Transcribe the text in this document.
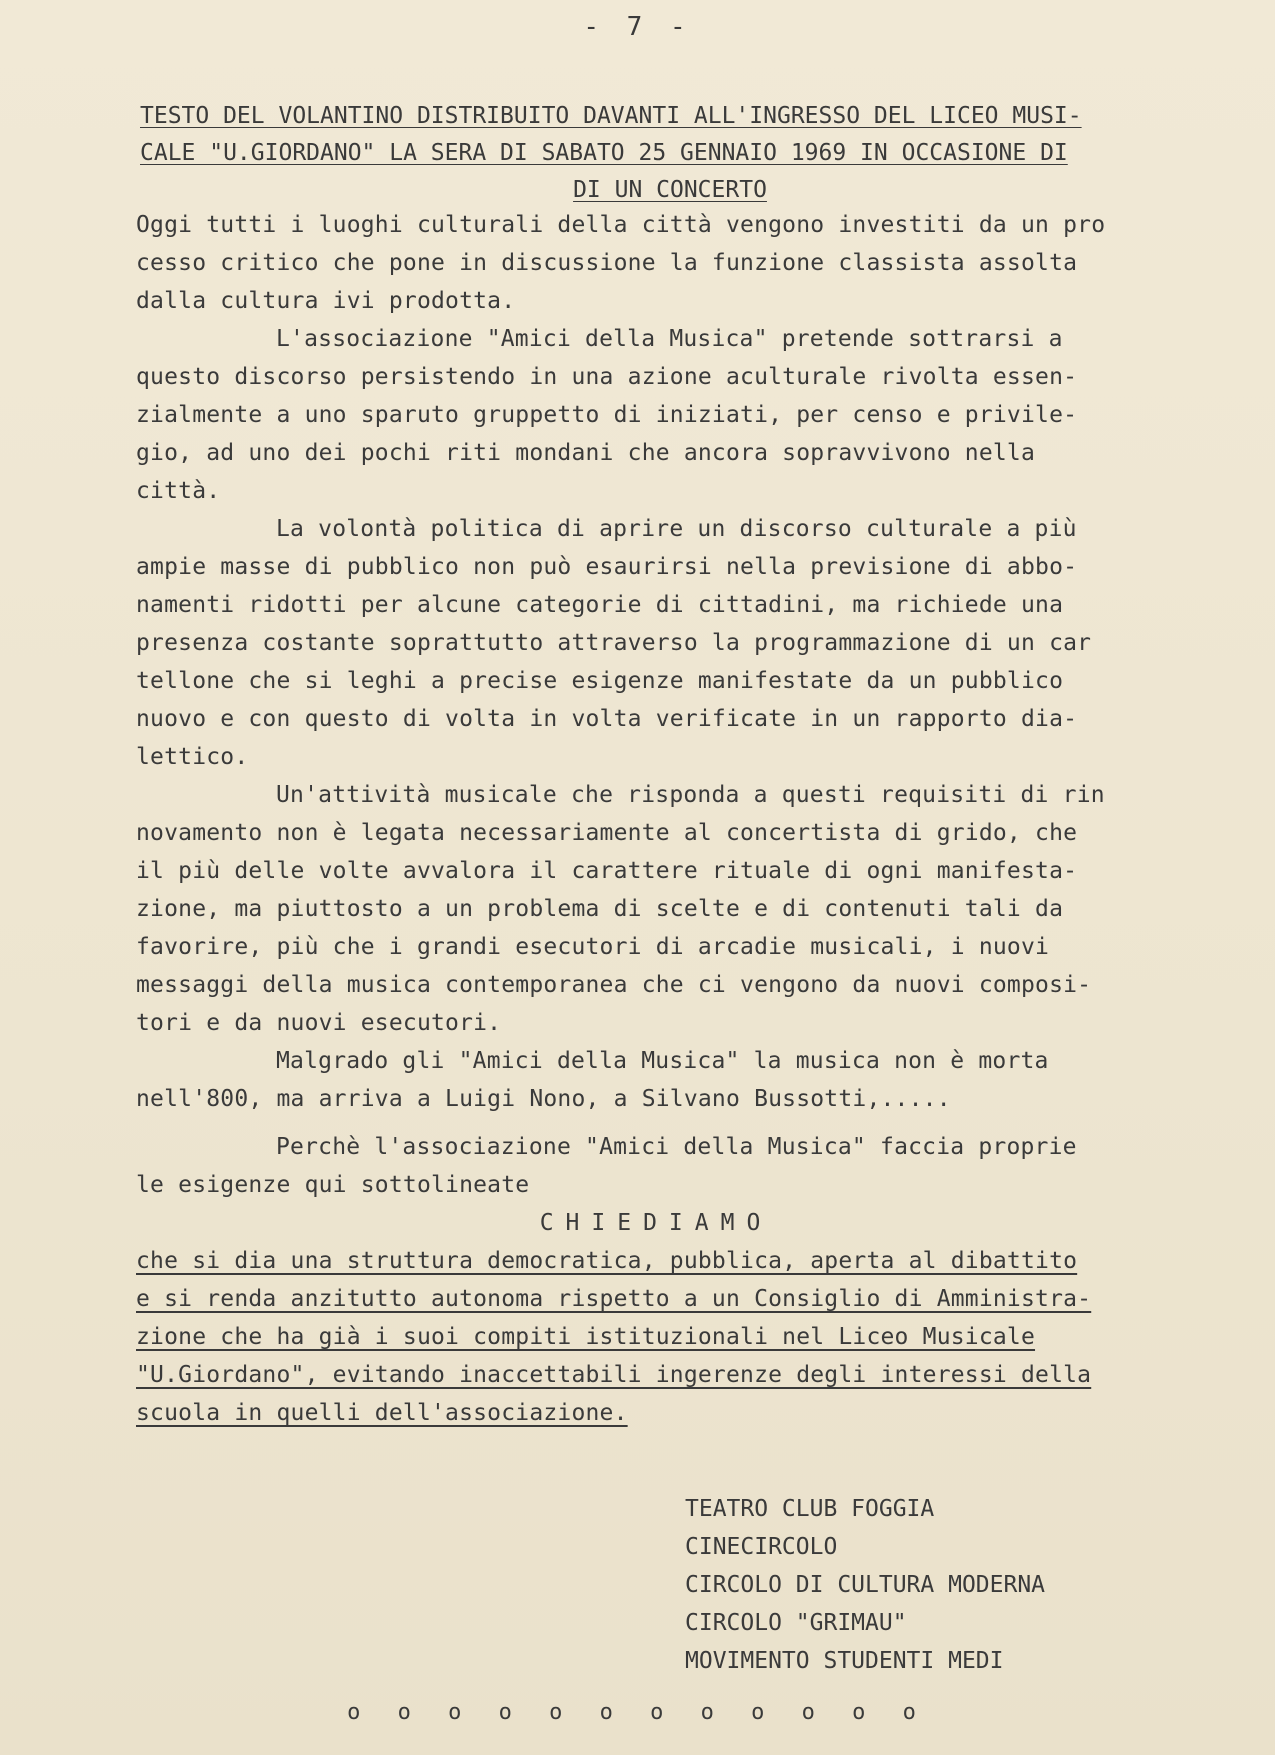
- 7 -
TESTO DEL VOLANTINO DISTRIBUITO DAVANTI ALL'INGRESSO DEL LICEO MUSI-
CALE "U.GIORDANO" LA SERA DI SABATO 25 GENNAIO 1969 IN OCCASIONE DI
DI UN CONCERTO
Oggi tutti i luoghi culturali della città vengono investiti da un pro
cesso critico che pone in discussione la funzione classista assolta
dalla cultura ivi prodotta.
L'associazione "Amici della Musica" pretende sottrarsi a
questo discorso persistendo in una azione aculturale rivolta essen-
zialmente a uno sparuto gruppetto di iniziati, per censo e privile-
gio, ad uno dei pochi riti mondani che ancora sopravvivono nella
città.
La volontà politica di aprire un discorso culturale a più
ampie masse di pubblico non può esaurirsi nella previsione di abbo-
namenti ridotti per alcune categorie di cittadini, ma richiede una
presenza costante soprattutto attraverso la programmazione di un car
tellone che si leghi a precise esigenze manifestate da un pubblico
nuovo e con questo di volta in volta verificate in un rapporto dia-
lettico.
Un'attività musicale che risponda a questi requisiti di rin
novamento non è legata necessariamente al concertista di grido, che
il più delle volte avvalora il carattere rituale di ogni manifesta-
zione, ma piuttosto a un problema di scelte e di contenuti tali da
favorire, più che i grandi esecutori di arcadie musicali, i nuovi
messaggi della musica contemporanea che ci vengono da nuovi composi-
tori e da nuovi esecutori.
Malgrado gli "Amici della Musica" la musica non è morta
nell'800, ma arriva a Luigi Nono, a Silvano Bussotti,.....
Perchè l'associazione "Amici della Musica" faccia proprie
le esigenze qui sottolineate
CHIEDIAMO
che si dia una struttura democratica, pubblica, aperta al dibattito
e si renda anzitutto autonoma rispetto a un Consiglio di Amministra-
zione che ha già i suoi compiti istituzionali nel Liceo Musicale
"U.Giordano", evitando inaccettabili ingerenze degli interessi della
scuola in quelli dell'associazione.
TEATRO CLUB FOGGIA
CINECIRCOLO
CIRCOLO DI CULTURA MODERNA
CIRCOLO "GRIMAU"
MOVIMENTO STUDENTI MEDI
o o o o o o o o o o o o
